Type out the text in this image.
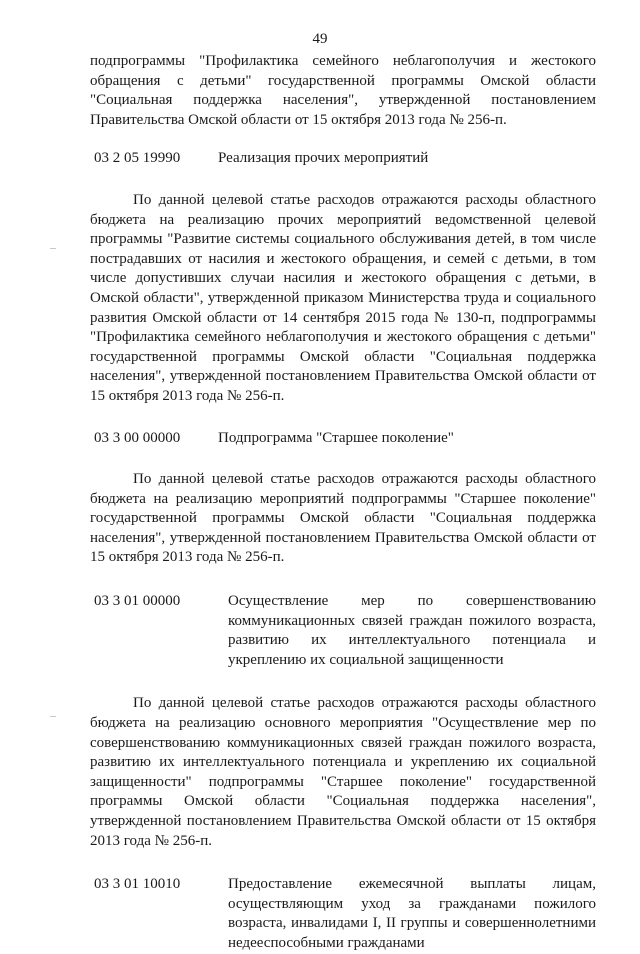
49

подпрограммы "Профилактика семейного неблагополучия и жестокого обращения с детьми" государственной программы Омской области "Социальная поддержка населения", утвержденной постановлением Правительства Омской области от 15 октября 2013 года № 256-п.

03 2 05 19990	Реализация прочих мероприятий

По данной целевой статье расходов отражаются расходы областного бюджета на реализацию прочих мероприятий ведомственной целевой программы "Развитие системы социального обслуживания детей, в том числе пострадавших от насилия и жестокого обращения, и семей с детьми, в том числе допустивших случаи насилия и жестокого обращения с детьми, в Омской области", утвержденной приказом Министерства труда и социального развития Омской области от 14 сентября 2015 года № 130-п, подпрограммы "Профилактика семейного неблагополучия и жестокого обращения с детьми" государственной программы Омской области "Социальная поддержка населения", утвержденной постановлением Правительства Омской области от 15 октября 2013 года № 256-п.

03 3 00 00000	Подпрограмма "Старшее поколение"

По данной целевой статье расходов отражаются расходы областного бюджета на реализацию мероприятий подпрограммы "Старшее поколение" государственной программы Омской области "Социальная поддержка населения", утвержденной постановлением Правительства Омской области от 15 октября 2013 года № 256-п.

03 3 01 00000	Осуществление мер по совершенствованию коммуникационных связей граждан пожилого возраста, развитию их интеллектуального потенциала и укреплению их социальной защищенности

По данной целевой статье расходов отражаются расходы областного бюджета на реализацию основного мероприятия "Осуществление мер по совершенствованию коммуникационных связей граждан пожилого возраста, развитию их интеллектуального потенциала и укреплению их социальной защищенности" подпрограммы "Старшее поколение" государственной программы Омской области "Социальная поддержка населения", утвержденной постановлением Правительства Омской области от 15 октября 2013 года № 256-п.

03 3 01 10010	Предоставление ежемесячной выплаты лицам, осуществляющим уход за гражданами пожилого возраста, инвалидами I, II группы и совершеннолетними недееспособными гражданами
